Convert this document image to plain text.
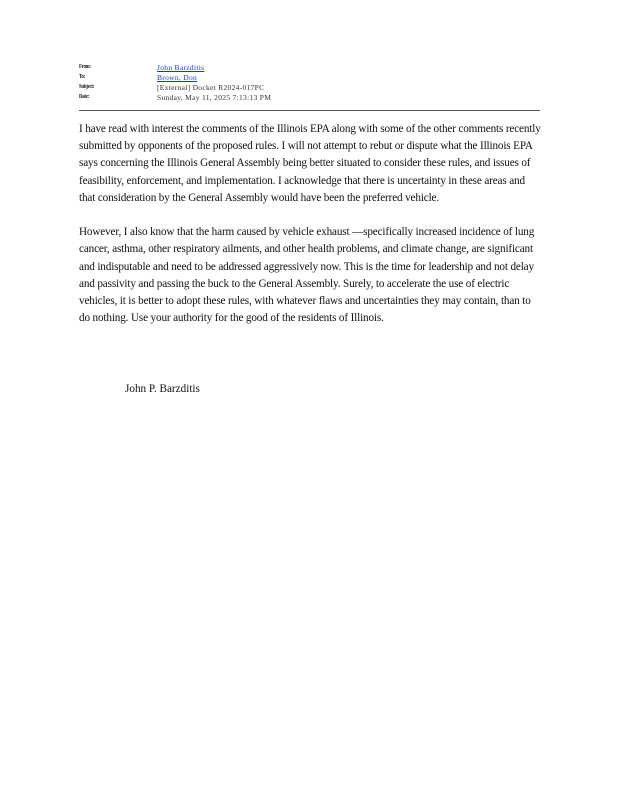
From:	John Barzditis
To:	Brown, Don
Subject:	[External] Docket R2024-017PC
Date:	Sunday, May 11, 2025 7:13:13 PM

I have read with interest the comments of the Illinois EPA along with some of the other comments recently submitted by opponents of the proposed rules. I will not attempt to rebut or dispute what the Illinois EPA says concerning the Illinois General Assembly being better situated to consider these rules, and issues of feasibility, enforcement, and implementation. I acknowledge that there is uncertainty in these areas and that consideration by the General Assembly would have been the preferred vehicle.

However, I also know that the harm caused by vehicle exhaust —specifically increased incidence of lung cancer, asthma, other respiratory ailments, and other health problems, and climate change, are significant and indisputable and need to be addressed aggressively now. This is the time for leadership and not delay and passivity and passing the buck to the General Assembly. Surely, to accelerate the use of electric vehicles, it is better to adopt these rules, with whatever flaws and uncertainties they may contain, than to do nothing. Use your authority for the good of the residents of Illinois.

John P. Barzditis
